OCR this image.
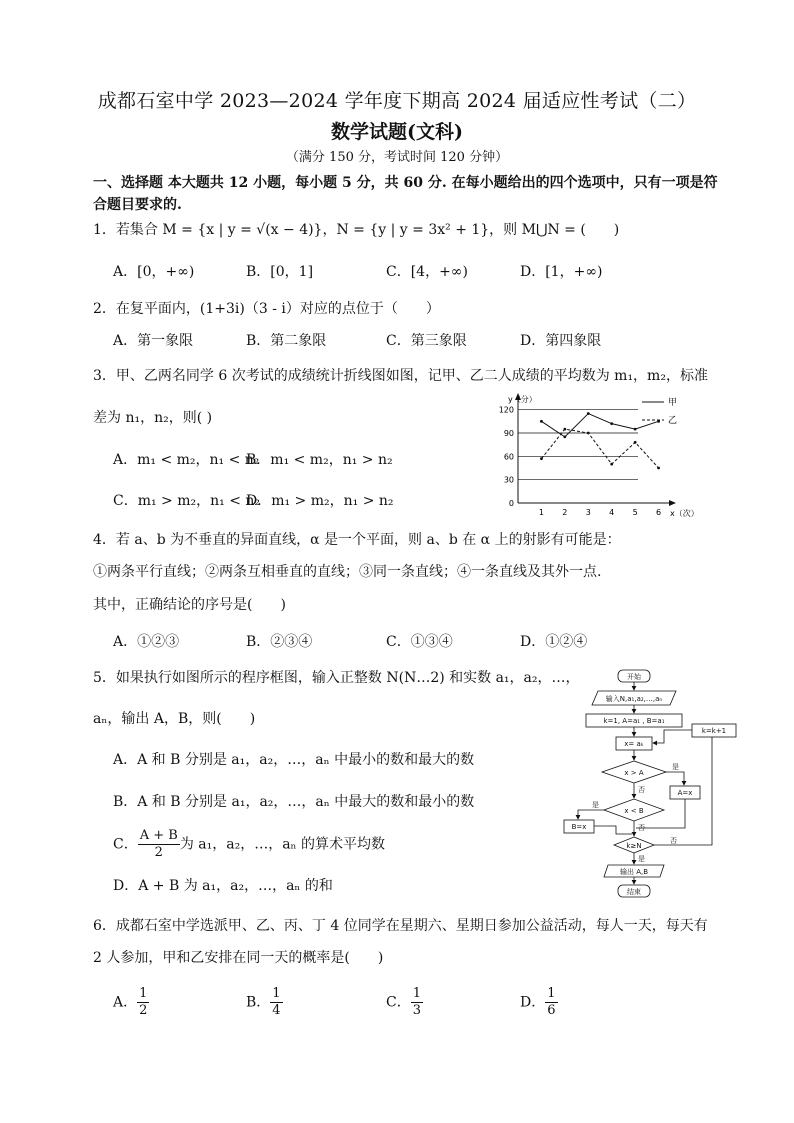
成都石室中学 2023—2024 学年度下期高 2024 届适应性考试（二）
数学试题(文科)
（满分 150 分，考试时间 120 分钟）
一、选择题 本大题共 12 小题，每小题 5 分，共 60 分. 在每小题给出的四个选项中，只有一项是符
合题目要求的.
1．若集合 M = {x | y = √(x − 4)}，N = {y | y = 3x² + 1}，则 M⋃N = (　　)
A．[0，+∞)	B．[0，1]	C．[4，+∞)	D．[1，+∞)
2．在复平面内，(1+3i)（3 - i）对应的点位于（　　）
A．第一象限	B．第二象限	C．第三象限	D．第四象限
3．甲、乙两名同学 6 次考试的成绩统计折线图如图，记甲、乙二人成绩的平均数为 m₁，m₂，标准
差为 n₁，n₂，则( )
A．m₁ < m₂，n₁ < n₂
B．m₁ < m₂，n₁ > n₂
C．m₁ > m₂，n₁ < n₂
D．m₁ > m₂，n₁ > n₂
y（分）
x（次）
0
30
60
90
120
1 2 3 4 5 6
甲
乙
4．若 a、b 为不垂直的异面直线，α 是一个平面，则 a、b 在 α 上的射影有可能是：
①两条平行直线；②两条互相垂直的直线；③同一条直线；④一条直线及其外一点.
其中，正确结论的序号是(　　)
A．①②③	B．②③④	C．①③④	D．①②④
5．如果执行如图所示的程序框图，输入正整数 N(N…2) 和实数 a₁，a₂，…，
aₙ，输出 A，B，则(　　)
A．A 和 B 分别是 a₁，a₂，…，aₙ 中最小的数和最大的数
B．A 和 B 分别是 a₁，a₂，…，aₙ 中最大的数和最小的数
C． $\frac{A + B}{2}$ 为 a₁，a₂，…，aₙ 的算术平均数
D．A + B 为 a₁，a₂，…，aₙ 的和
开始
输入N,a₁,a₂,…,aₙ
k=1, A=a₁ , B=a₁
x= aₖ
x > A
是
A=x
否
x < B
是
B=x	否
k≥N
否
k=k+1
是
输出 A,B
结束
6．成都石室中学选派甲、乙、丙、丁 4 位同学在星期六、星期日参加公益活动，每人一天，每天有
2 人参加，甲和乙安排在同一天的概率是(　　)
A． $\frac{1}{2}$	B． $\frac{1}{4}$	C． $\frac{1}{3}$	D． $\frac{1}{6}$
